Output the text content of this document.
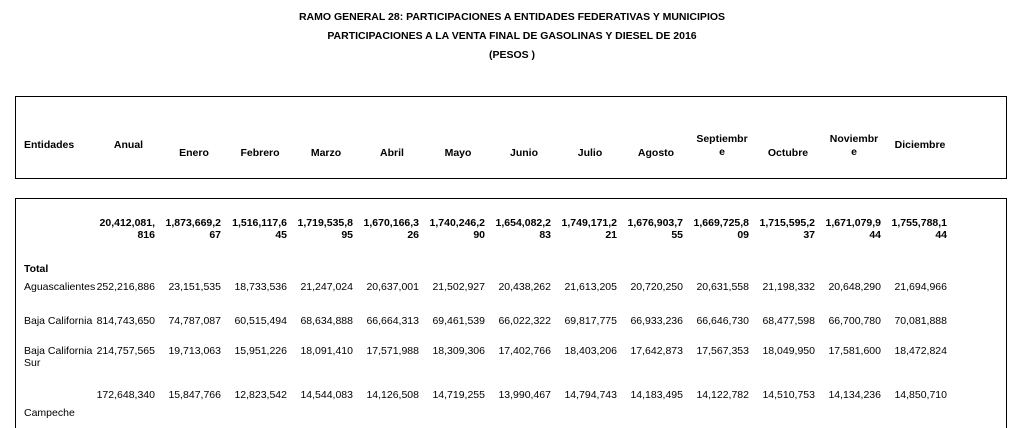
RAMO GENERAL 28: PARTICIPACIONES A ENTIDADES FEDERATIVAS Y MUNICIPIOS
PARTICIPACIONES A LA VENTA FINAL DE GASOLINAS Y DIESEL DE 2016
(PESOS )
Entidades	Anual	Enero	Febrero	Marzo	Abril	Mayo	Junio	Julio	Agosto	Septiembre	Octubre	Noviembre	Diciembre
Total	20,412,081,816	1,873,669,267	1,516,117,645	1,719,535,895	1,670,166,326	1,740,246,290	1,654,082,283	1,749,171,221	1,676,903,755	1,669,725,809	1,715,595,237	1,671,079,944	1,755,788,144
Aguascalientes	252,216,886	23,151,535	18,733,536	21,247,024	20,637,001	21,502,927	20,438,262	21,613,205	20,720,250	20,631,558	21,198,332	20,648,290	21,694,966
Baja California	814,743,650	74,787,087	60,515,494	68,634,888	66,664,313	69,461,539	66,022,322	69,817,775	66,933,236	66,646,730	68,477,598	66,700,780	70,081,888
Baja California Sur	214,757,565	19,713,063	15,951,226	18,091,410	17,571,988	18,309,306	17,402,766	18,403,206	17,642,873	17,567,353	18,049,950	17,581,600	18,472,824
Campeche	172,648,340	15,847,766	12,823,542	14,544,083	14,126,508	14,719,255	13,990,467	14,794,743	14,183,495	14,122,782	14,510,753	14,134,236	14,850,710
